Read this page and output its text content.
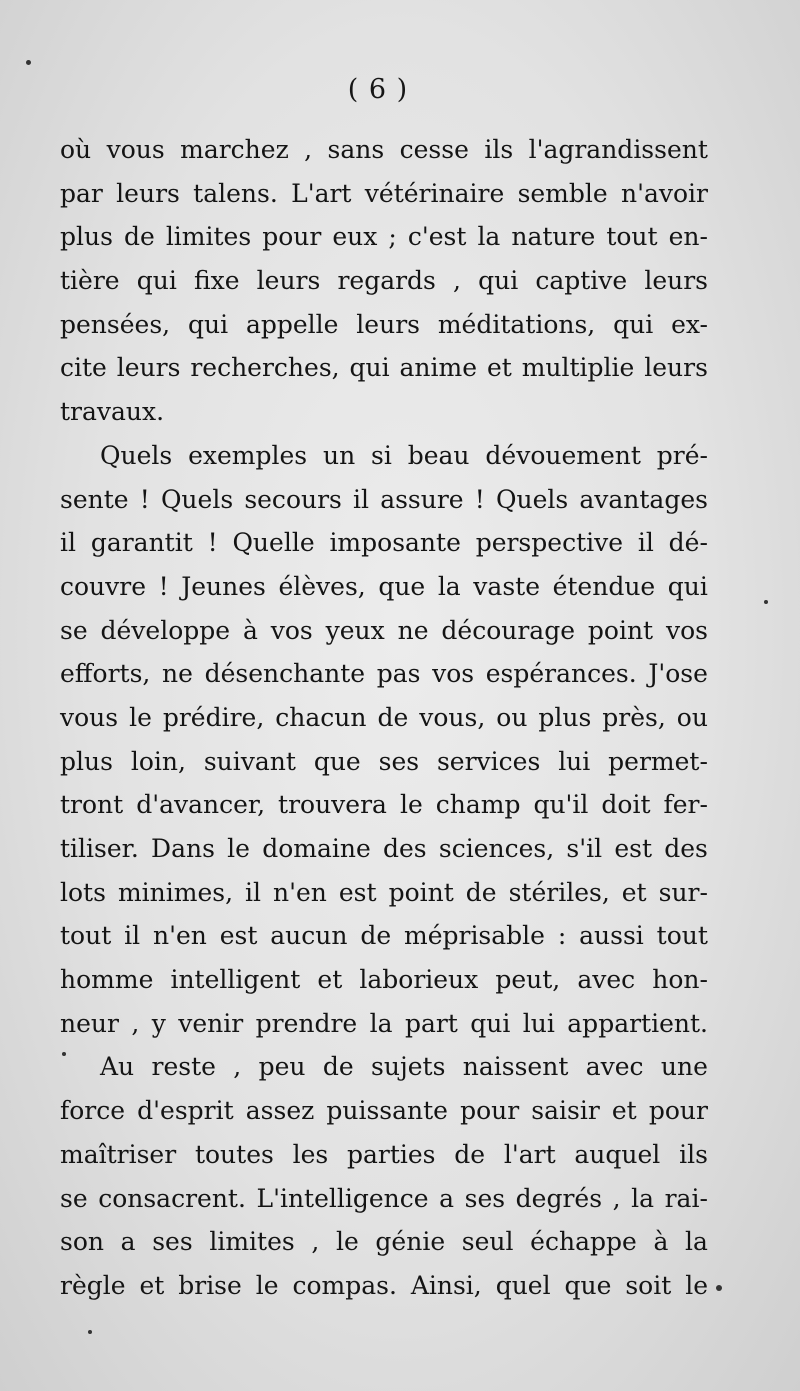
( 6 )
où vous marchez , sans cesse ils l'agrandissent
par leurs talens. L'art vétérinaire semble n'avoir
plus de limites pour eux ; c'est la nature tout en-
tière qui fixe leurs regards , qui captive leurs
pensées, qui appelle leurs méditations, qui ex-
cite leurs recherches, qui anime et multiplie leurs
travaux.
Quels exemples un si beau dévouement pré-
sente ! Quels secours il assure ! Quels avantages
il garantit ! Quelle imposante perspective il dé-
couvre ! Jeunes élèves, que la vaste étendue qui
se développe à vos yeux ne décourage point vos
efforts, ne désenchante pas vos espérances. J'ose
vous le prédire, chacun de vous, ou plus près, ou
plus loin, suivant que ses services lui permet-
tront d'avancer, trouvera le champ qu'il doit fer-
tiliser. Dans le domaine des sciences, s'il est des
lots minimes, il n'en est point de stériles, et sur-
tout il n'en est aucun de méprisable : aussi tout
homme intelligent et laborieux peut, avec hon-
neur , y venir prendre la part qui lui appartient.
Au reste , peu de sujets naissent avec une
force d'esprit assez puissante pour saisir et pour
maîtriser toutes les parties de l'art auquel ils
se consacrent. L'intelligence a ses degrés , la rai-
son a ses limites , le génie seul échappe à la
règle et brise le compas. Ainsi, quel que soit le
